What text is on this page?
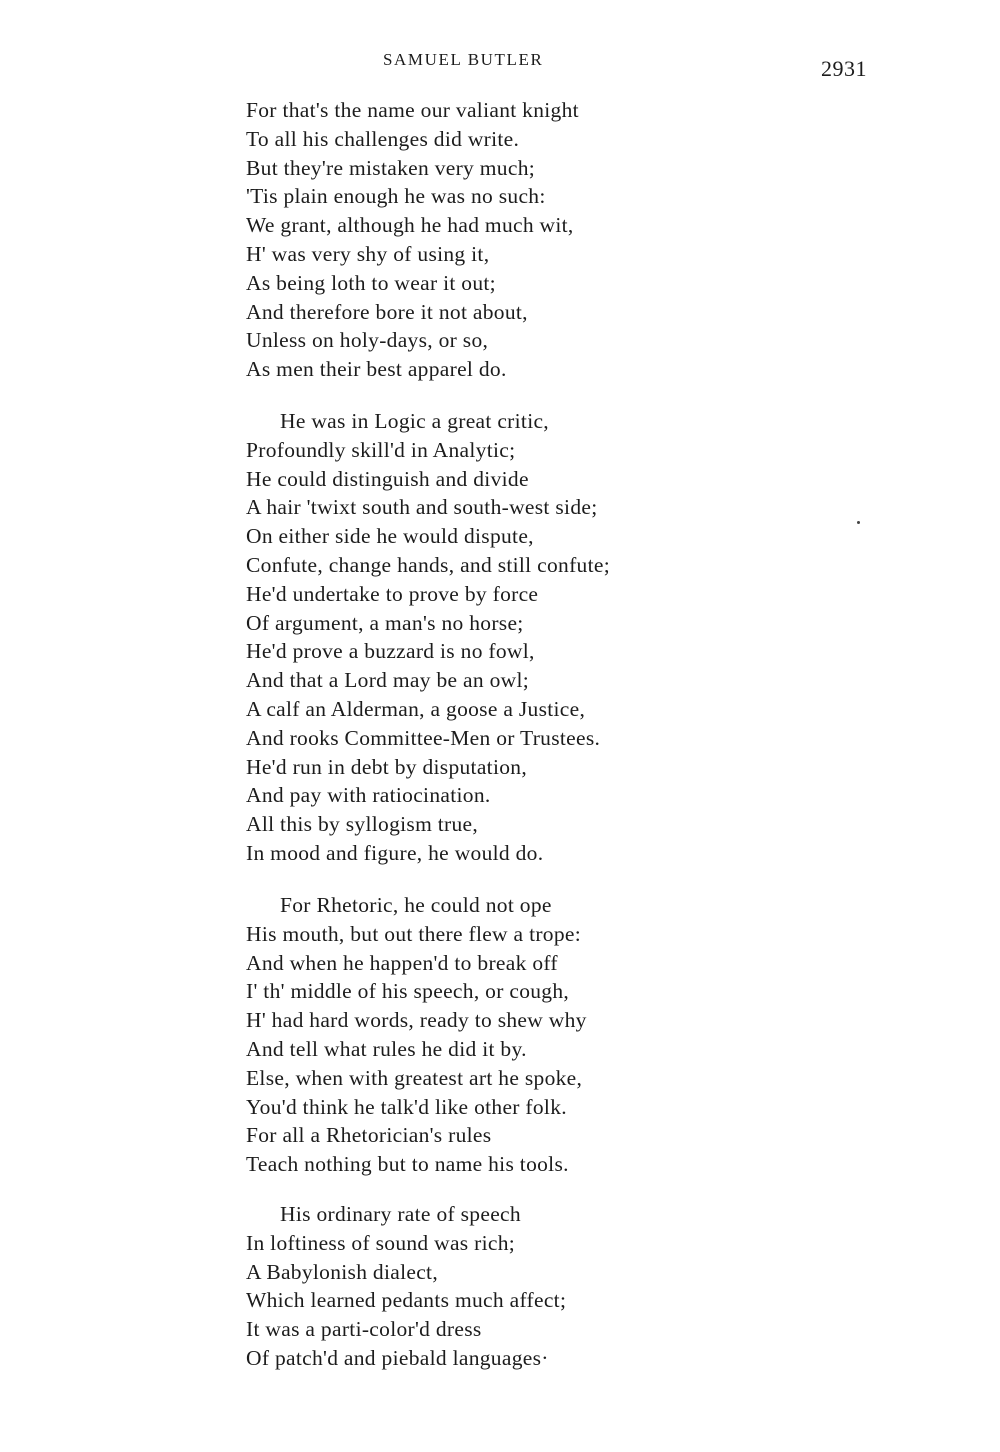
SAMUEL BUTLER	2931
For that's the name our valiant knight
To all his challenges did write.
But they're mistaken very much;
'Tis plain enough he was no such:
We grant, although he had much wit,
H' was very shy of using it,
As being loth to wear it out;
And therefore bore it not about,
Unless on holy-days, or so,
As men their best apparel do.
He was in Logic a great critic,
Profoundly skill'd in Analytic;
He could distinguish and divide
A hair 'twixt south and south-west side;
On either side he would dispute,
Confute, change hands, and still confute;
He'd undertake to prove by force
Of argument, a man's no horse;
He'd prove a buzzard is no fowl,
And that a Lord may be an owl;
A calf an Alderman, a goose a Justice,
And rooks Committee-Men or Trustees.
He'd run in debt by disputation,
And pay with ratiocination.
All this by syllogism true,
In mood and figure, he would do.
For Rhetoric, he could not ope
His mouth, but out there flew a trope:
And when he happen'd to break off
I' th' middle of his speech, or cough,
H' had hard words, ready to shew why
And tell what rules he did it by.
Else, when with greatest art he spoke,
You'd think he talk'd like other folk.
For all a Rhetorician's rules
Teach nothing but to name his tools.
His ordinary rate of speech
In loftiness of sound was rich;
A Babylonish dialect,
Which learned pedants much affect;
It was a parti-color'd dress
Of patch'd and piebald languages·
